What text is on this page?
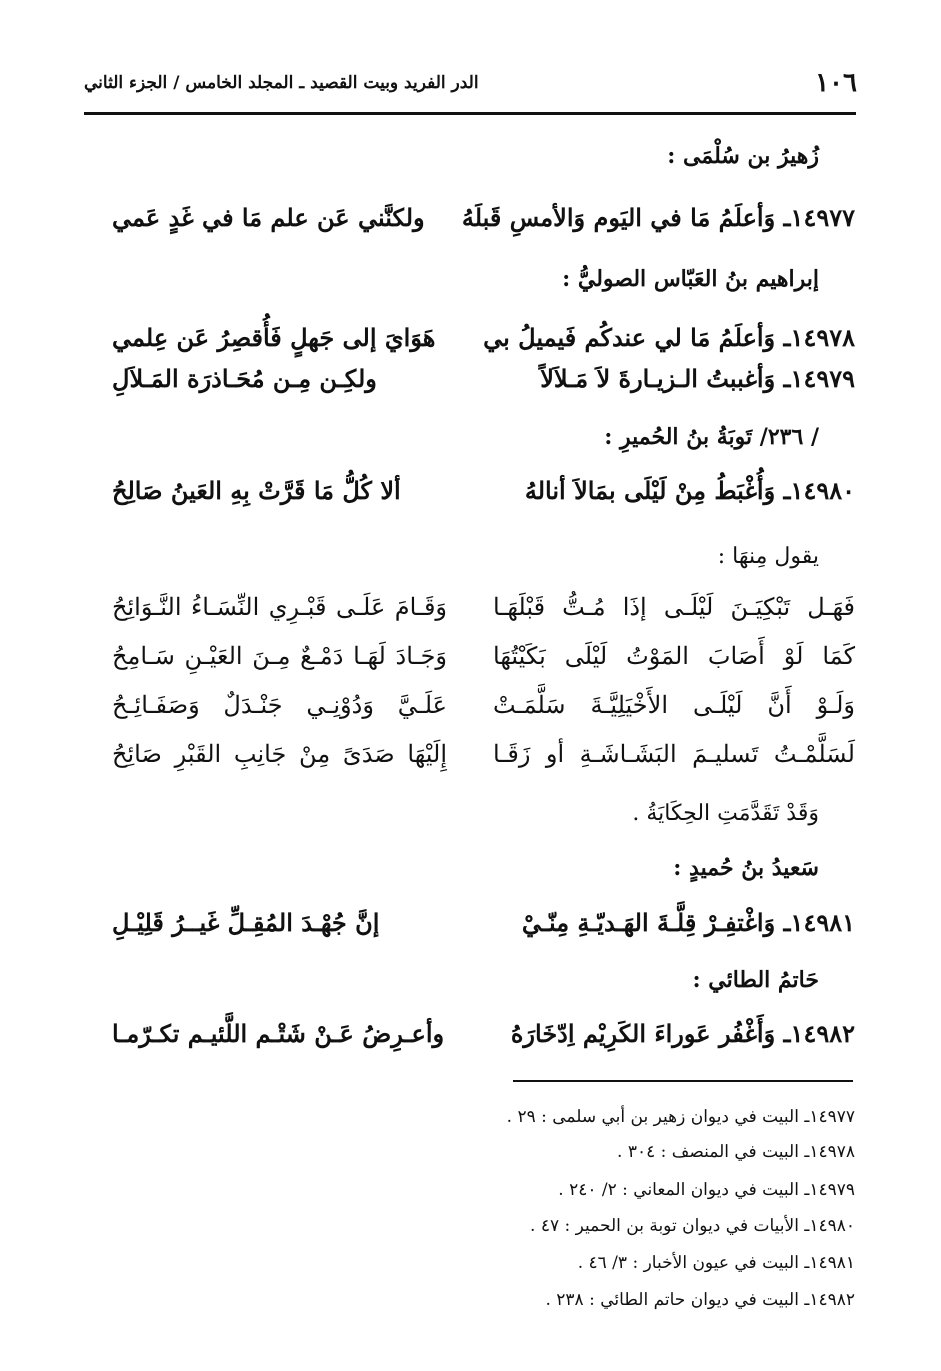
١٠٦
الدر الفريد وبيت القصيد ـ المجلد الخامس / الجزء الثاني
زُهيرُ بن سُلْمَى :
١٤٩٧٧ـ وَأعلَمُ مَا في اليَوم وَالأمسِ قَبلَهُ
ولكنَّني عَن علم مَا في غَدٍ عَمي
إبراهيم بنُ العَبّاس الصوليُّ :
١٤٩٧٨ـ وَأعلَمُ مَا لي عندكُم فَيميلُ بي
هَوَايَ إلى جَهلٍ فَأُقصِرُ عَن عِلمي
١٤٩٧٩ـ وَأغببتُ الـزيـارةَ لاَ مَـلاَلاً
ولكِـن مِـن مُحَـاذرَة المَـلاَلِ
/ ٢٣٦/ تَوبَةُ بنُ الحُميرِ :
١٤٩٨٠ـ وَأُغْبَطُ مِنْ لَيْلَى بمَالاَ أنالهُ
ألا كُلُّ مَا قَرَّتْ بِهِ العَينُ صَالِحُ
يقول مِنهَا :
فَهَـل تَبْكِيَـنَ لَيْلَـى إذَا مُـتُّ قَبْلَهَـا
وَقَـامَ عَلَـى قَبْـرِي النِّسَـاءُ النَّـوَائِحُ
كَمَا لَوْ أَصَابَ المَوْتُ لَيْلَى بَكَيْتُهَا
وَجَـادَ لَهَـا دَمْـعٌ مِـنَ العَيْـنِ سَـامِحُ
وَلَـوْ أَنَّ لَيْلَـى الأَخْيَلِيَّـةَ سَلَّمَـتْ
عَلَـيَّ وَدُوْنِـي جَنْـدَلٌ وَصَفَـائِـحُ
لَسَلَّمْـتُ تَسليـمَ البَشَـاشَـةِ أو زَقَـا
إِلَيْهَا صَدَىً مِنْ جَانِبِ القَبْرِ صَائِحُ
وَقَدْ تَقَدَّمَتِ الحِكَايَةُ .
سَعيدُ بنُ حُميدٍ :
١٤٩٨١ـ وَاغْتفِـرْ قِلَّـةَ الهَـديّـةِ مِنّـيْ
إنَّ جُهْـدَ المُقِـلِّ غَيــرُ قَلِيْـلِ
حَاتمُ الطائي :
١٤٩٨٢ـ وَأَغْفُر عَوراءَ الكَرِيْم اِدّخَارَهُ
وأعـرِضُ عَـنْ شَتْـم اللَّئيـم تكـرّمـا
١٤٩٧٧ـ البيت في ديوان زهير بن أبي سلمى : ٢٩ .
١٤٩٧٨ـ البيت في المنصف : ٣٠٤ .
١٤٩٧٩ـ البيت في ديوان المعاني : ٢/ ٢٤٠ .
١٤٩٨٠ـ الأبيات في ديوان توبة بن الحمير : ٤٧ .
١٤٩٨١ـ البيت في عيون الأخبار : ٣/ ٤٦ .
١٤٩٨٢ـ البيت في ديوان حاتم الطائي : ٢٣٨ .
